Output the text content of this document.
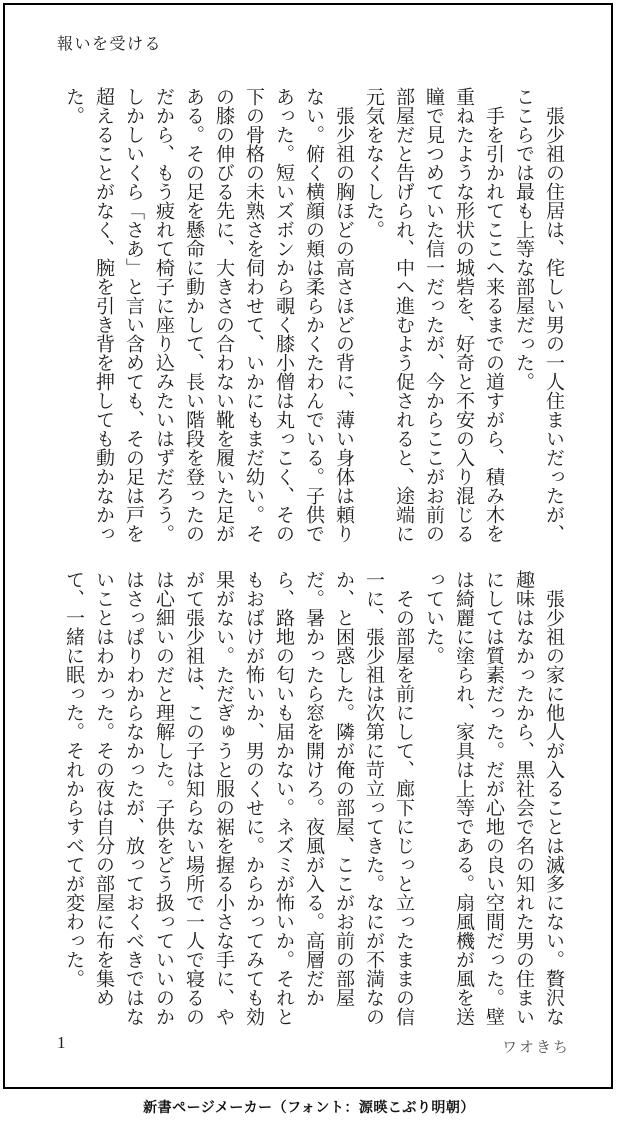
報いを受ける

張少祖の住居は、侘しい男の一人住まいだったが、ここらでは最も上等な部屋だった。

手を引かれてここへ来るまでの道すがら、積み木を重ねたような形状の城砦を、好奇と不安の入り混じる瞳で見つめていた信一だったが、今からここがお前の部屋だと告げられ、中へ進むよう促されると、途端に元気をなくした。

張少祖の胸ほどの高さほどの背に、薄い身体は頼りない。俯く横顔の頬は柔らかくたわんでいる。子供であった。短いズボンから覗く膝小僧は丸っこく、その下の骨格の未熟さを伺わせて、いかにもまだ幼い。その膝の伸びる先に、大きさの合わない靴を履いた足がある。その足を懸命に動かして、長い階段を登ったのだから、もう疲れて椅子に座り込みたいはずだろう。しかしいくら「さあ」と言い含めても、その足は戸を超えることがなく、腕を引き背を押しても動かなかった。

張少祖の家に他人が入ることは滅多にない。贅沢な趣味はなかったから、黒社会で名の知れた男の住まいにしては質素だった。だが心地の良い空間だった。壁は綺麗に塗られ、家具は上等である。扇風機が風を送っていた。

その部屋を前にして、廊下にじっと立ったままの信一に、張少祖は次第に苛立ってきた。なにが不満なのか、と困惑した。隣が俺の部屋、ここがお前の部屋だ。暑かったら窓を開けろ。夜風が入る。高層だから、路地の匂いも届かない。ネズミが怖いか。それともおばけが怖いか、男のくせに。からかってみても効果がない。ただぎゅうと服の裾を握る小さな手に、やがて張少祖は、この子は知らない場所で一人で寝るのは心細いのだと理解した。子供をどう扱っていいのかはさっぱりわからなかったが、放っておくべきではないことはわかった。その夜は自分の部屋に布を集めて、一緒に眠った。それからすべてが変わった。

1	ワオきち
新書ページメーカー（フォント：源暎こぶり明朝）
